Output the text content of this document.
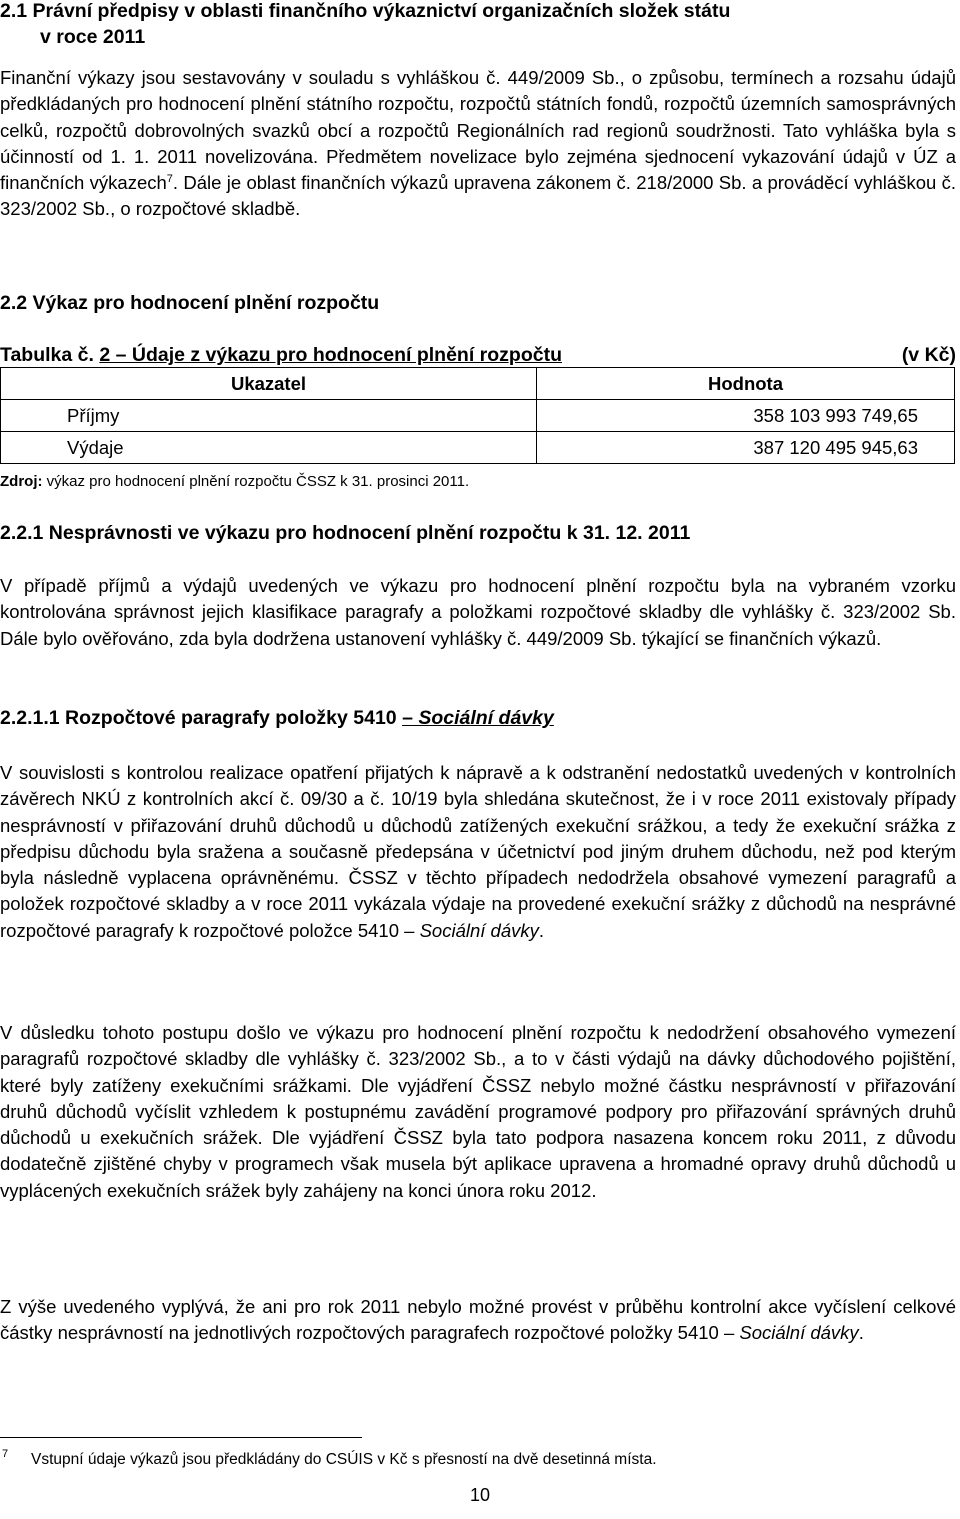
2.1 Právní předpisy v oblasti finančního výkaznictví organizačních složek státu
v roce 2011

Finanční výkazy jsou sestavovány v souladu s vyhláškou č. 449/2009 Sb., o způsobu, termínech a rozsahu údajů předkládaných pro hodnocení plnění státního rozpočtu, rozpočtů státních fondů, rozpočtů územních samosprávných celků, rozpočtů dobrovolných svazků obcí a rozpočtů Regionálních rad regionů soudržnosti. Tato vyhláška byla s účinností od 1. 1. 2011 novelizována. Předmětem novelizace bylo zejména sjednocení vykazování údajů v ÚZ a finančních výkazech$^7$. Dále je oblast finančních výkazů upravena zákonem č. 218/2000 Sb. a prováděcí vyhláškou č. 323/2002 Sb., o rozpočtové skladbě.

2.2 Výkaz pro hodnocení plnění rozpočtu
Tabulka č. 2 – Údaje z výkazu pro hodnocení plnění rozpočtu	(v Kč)
Ukazatel	Hodnota
Příjmy	358 103 993 749,65
Výdaje	387 120 495 945,63
Zdroj: výkaz pro hodnocení plnění rozpočtu ČSSZ k 31. prosinci 2011.
2.2.1 Nesprávnosti ve výkazu pro hodnocení plnění rozpočtu k 31. 12. 2011

V případě příjmů a výdajů uvedených ve výkazu pro hodnocení plnění rozpočtu byla na vybraném vzorku kontrolována správnost jejich klasifikace paragrafy a položkami rozpočtové skladby dle vyhlášky č. 323/2002 Sb. Dále bylo ověřováno, zda byla dodržena ustanovení vyhlášky č. 449/2009 Sb. týkající se finančních výkazů.

2.2.1.1 Rozpočtové paragrafy položky 5410 – Sociální dávky

V souvislosti s kontrolou realizace opatření přijatých k nápravě a k odstranění nedostatků uvedených v kontrolních závěrech NKÚ z kontrolních akcí č. 09/30 a č. 10/19 byla shledána skutečnost, že i v roce 2011 existovaly případy nesprávností v přiřazování druhů důchodů u důchodů zatížených exekuční srážkou, a tedy že exekuční srážka z předpisu důchodu byla sražena a současně předepsána v účetnictví pod jiným druhem důchodu, než pod kterým byla následně vyplacena oprávněnému. ČSSZ v těchto případech nedodržela obsahové vymezení paragrafů a položek rozpočtové skladby a v roce 2011 vykázala výdaje na provedené exekuční srážky z důchodů na nesprávné rozpočtové paragrafy k rozpočtové položce 5410 – Sociální dávky.

V důsledku tohoto postupu došlo ve výkazu pro hodnocení plnění rozpočtu k nedodržení obsahového vymezení paragrafů rozpočtové skladby dle vyhlášky č. 323/2002 Sb., a to v části výdajů na dávky důchodového pojištění, které byly zatíženy exekučními srážkami. Dle vyjádření ČSSZ nebylo možné částku nesprávností v přiřazování druhů důchodů vyčíslit vzhledem k postupnému zavádění programové podpory pro přiřazování správných druhů důchodů u exekučních srážek. Dle vyjádření ČSSZ byla tato podpora nasazena koncem roku 2011, z důvodu dodatečně zjištěné chyby v programech však musela být aplikace upravena a hromadné opravy druhů důchodů u vyplácených exekučních srážek byly zahájeny na konci února roku 2012.

Z výše uvedeného vyplývá, že ani pro rok 2011 nebylo možné provést v průběhu kontrolní akce vyčíslení celkové částky nesprávností na jednotlivých rozpočtových paragrafech rozpočtové položky 5410 – Sociální dávky.

7 Vstupní údaje výkazů jsou předkládány do CSÚIS v Kč s přesností na dvě desetinná místa.
10
